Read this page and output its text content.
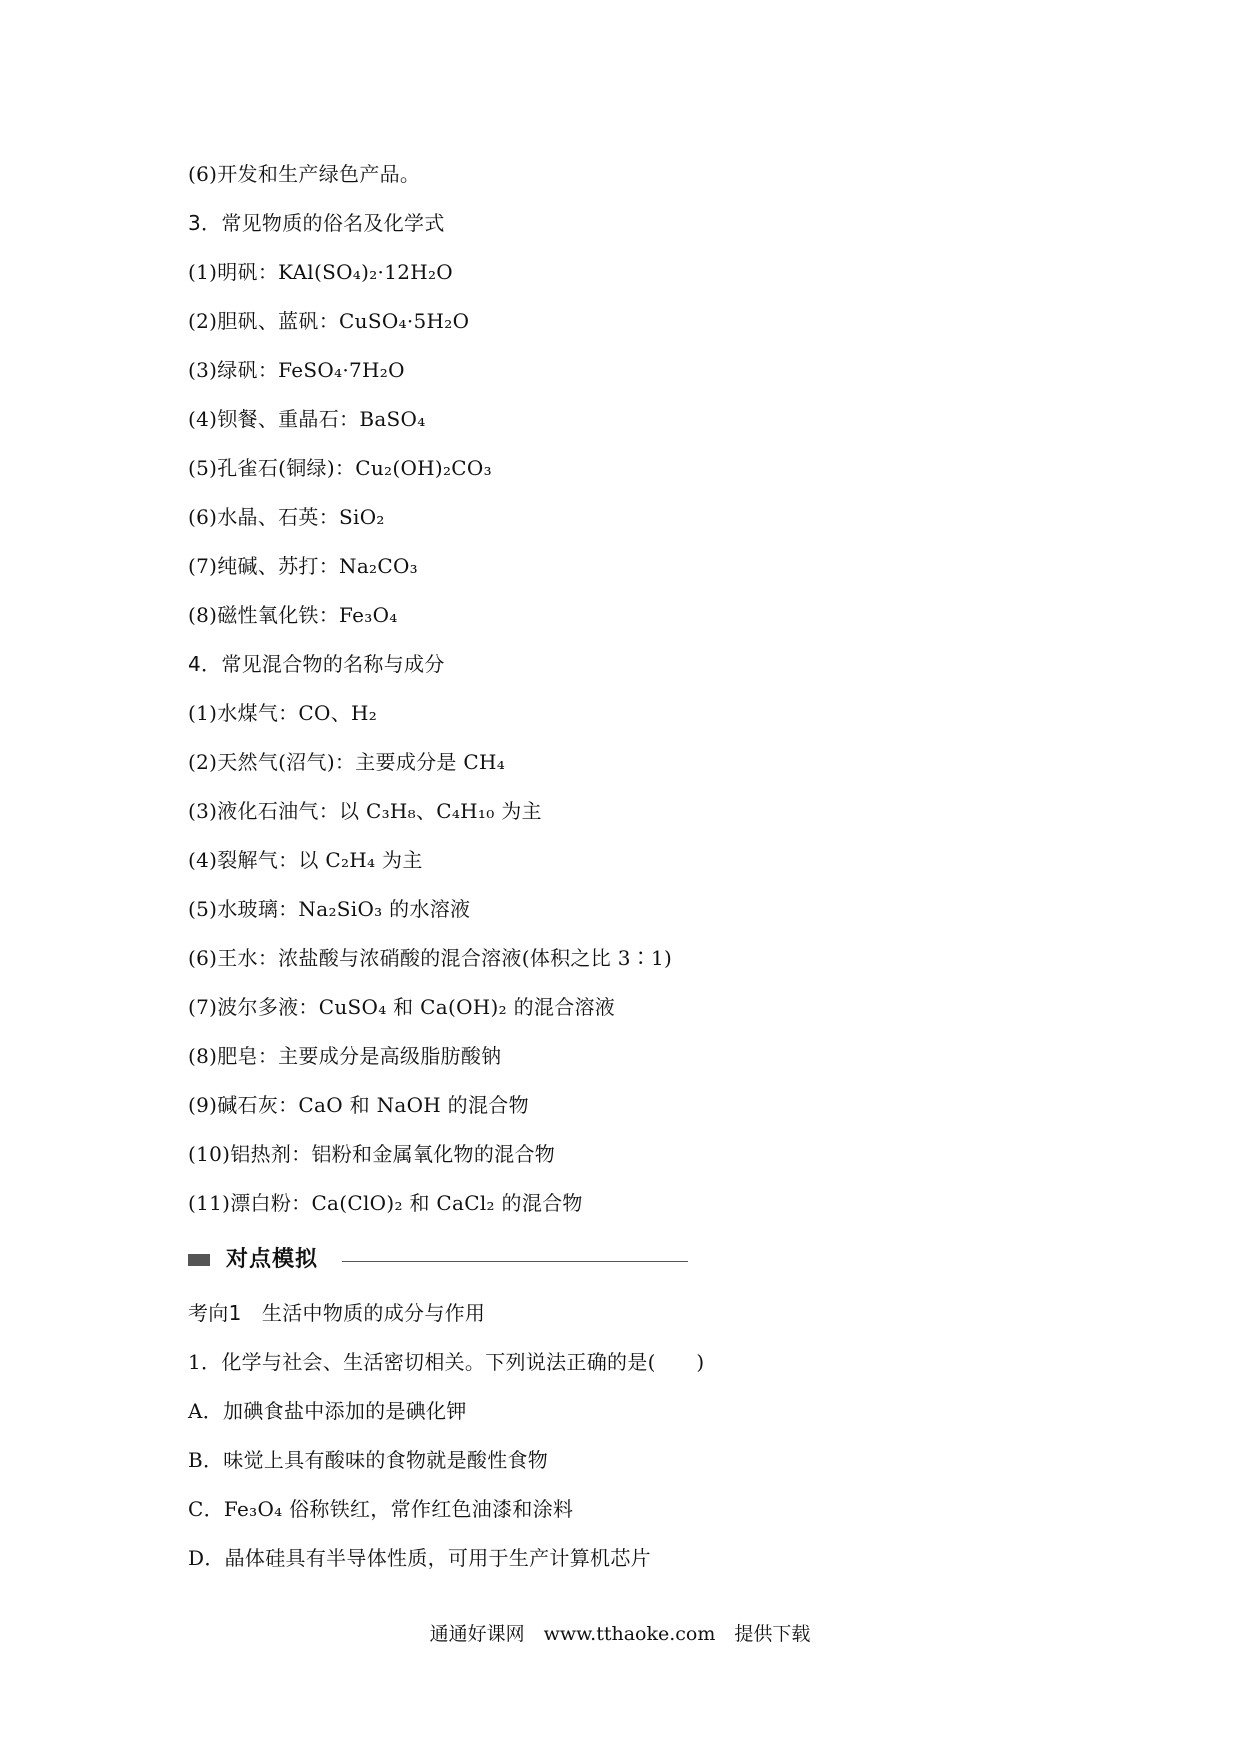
(6)开发和生产绿色产品。
3．常见物质的俗名及化学式
(1)明矾：KAl(SO₄)₂·12H₂O
(2)胆矾、蓝矾：CuSO₄·5H₂O
(3)绿矾：FeSO₄·7H₂O
(4)钡餐、重晶石：BaSO₄
(5)孔雀石(铜绿)：Cu₂(OH)₂CO₃
(6)水晶、石英：SiO₂
(7)纯碱、苏打：Na₂CO₃
(8)磁性氧化铁：Fe₃O₄
4．常见混合物的名称与成分
(1)水煤气：CO、H₂
(2)天然气(沼气)：主要成分是 CH₄
(3)液化石油气：以 C₃H₈、C₄H₁₀ 为主
(4)裂解气：以 C₂H₄ 为主
(5)水玻璃：Na₂SiO₃ 的水溶液
(6)王水：浓盐酸与浓硝酸的混合溶液(体积之比 3∶1)
(7)波尔多液：CuSO₄ 和 Ca(OH)₂ 的混合溶液
(8)肥皂：主要成分是高级脂肪酸钠
(9)碱石灰：CaO 和 NaOH 的混合物
(10)铝热剂：铝粉和金属氧化物的混合物
(11)漂白粉：Ca(ClO)₂ 和 CaCl₂ 的混合物
对点模拟
考向1　生活中物质的成分与作用
1．化学与社会、生活密切相关。下列说法正确的是(　　)
A．加碘食盐中添加的是碘化钾
B．味觉上具有酸味的食物就是酸性食物
C．Fe₃O₄ 俗称铁红，常作红色油漆和涂料
D．晶体硅具有半导体性质，可用于生产计算机芯片
通通好课网　www.tthaoke.com　提供下载
